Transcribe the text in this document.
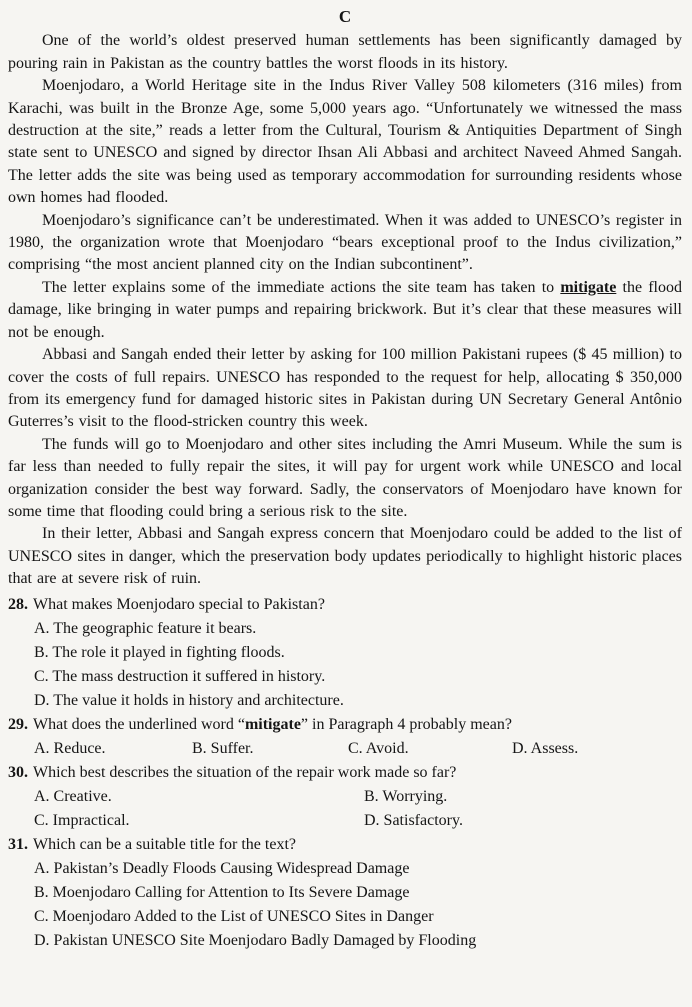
C

One of the world’s oldest preserved human settlements has been significantly damaged by pouring rain in Pakistan as the country battles the worst floods in its history.

Moenjodaro, a World Heritage site in the Indus River Valley 508 kilometers (316 miles) from Karachi, was built in the Bronze Age, some 5,000 years ago. “Unfortunately we witnessed the mass destruction at the site,” reads a letter from the Cultural, Tourism & Antiquities Department of Singh state sent to UNESCO and signed by director Ihsan Ali Abbasi and architect Naveed Ahmed Sangah. The letter adds the site was being used as temporary accommodation for surrounding residents whose own homes had flooded.

Moenjodaro’s significance can’t be underestimated. When it was added to UNESCO’s register in 1980, the organization wrote that Moenjodaro “bears exceptional proof to the Indus civilization,” comprising “the most ancient planned city on the Indian subcontinent”.

The letter explains some of the immediate actions the site team has taken to mitigate the flood damage, like bringing in water pumps and repairing brickwork. But it’s clear that these measures will not be enough.

Abbasi and Sangah ended their letter by asking for 100 million Pakistani rupees ($ 45 million) to cover the costs of full repairs. UNESCO has responded to the request for help, allocating $ 350,000 from its emergency fund for damaged historic sites in Pakistan during UN Secretary General Antônio Guterres’s visit to the flood-stricken country this week.

The funds will go to Moenjodaro and other sites including the Amri Museum. While the sum is far less than needed to fully repair the sites, it will pay for urgent work while UNESCO and local organization consider the best way forward. Sadly, the conservators of Moenjodaro have known for some time that flooding could bring a serious risk to the site.

In their letter, Abbasi and Sangah express concern that Moenjodaro could be added to the list of UNESCO sites in danger, which the preservation body updates periodically to highlight historic places that are at severe risk of ruin.

28. What makes Moenjodaro special to Pakistan?

A. The geographic feature it bears.
B. The role it played in fighting floods.
C. The mass destruction it suffered in history.
D. The value it holds in history and architecture.

29. What does the underlined word “mitigate” in Paragraph 4 probably mean?

A. Reduce.	B. Suffer.	C. Avoid.	D. Assess.

30. Which best describes the situation of the repair work made so far?

A. Creative.	B. Worrying.
C. Impractical.	D. Satisfactory.

31. Which can be a suitable title for the text?

A. Pakistan’s Deadly Floods Causing Widespread Damage
B. Moenjodaro Calling for Attention to Its Severe Damage
C. Moenjodaro Added to the List of UNESCO Sites in Danger
D. Pakistan UNESCO Site Moenjodaro Badly Damaged by Flooding
